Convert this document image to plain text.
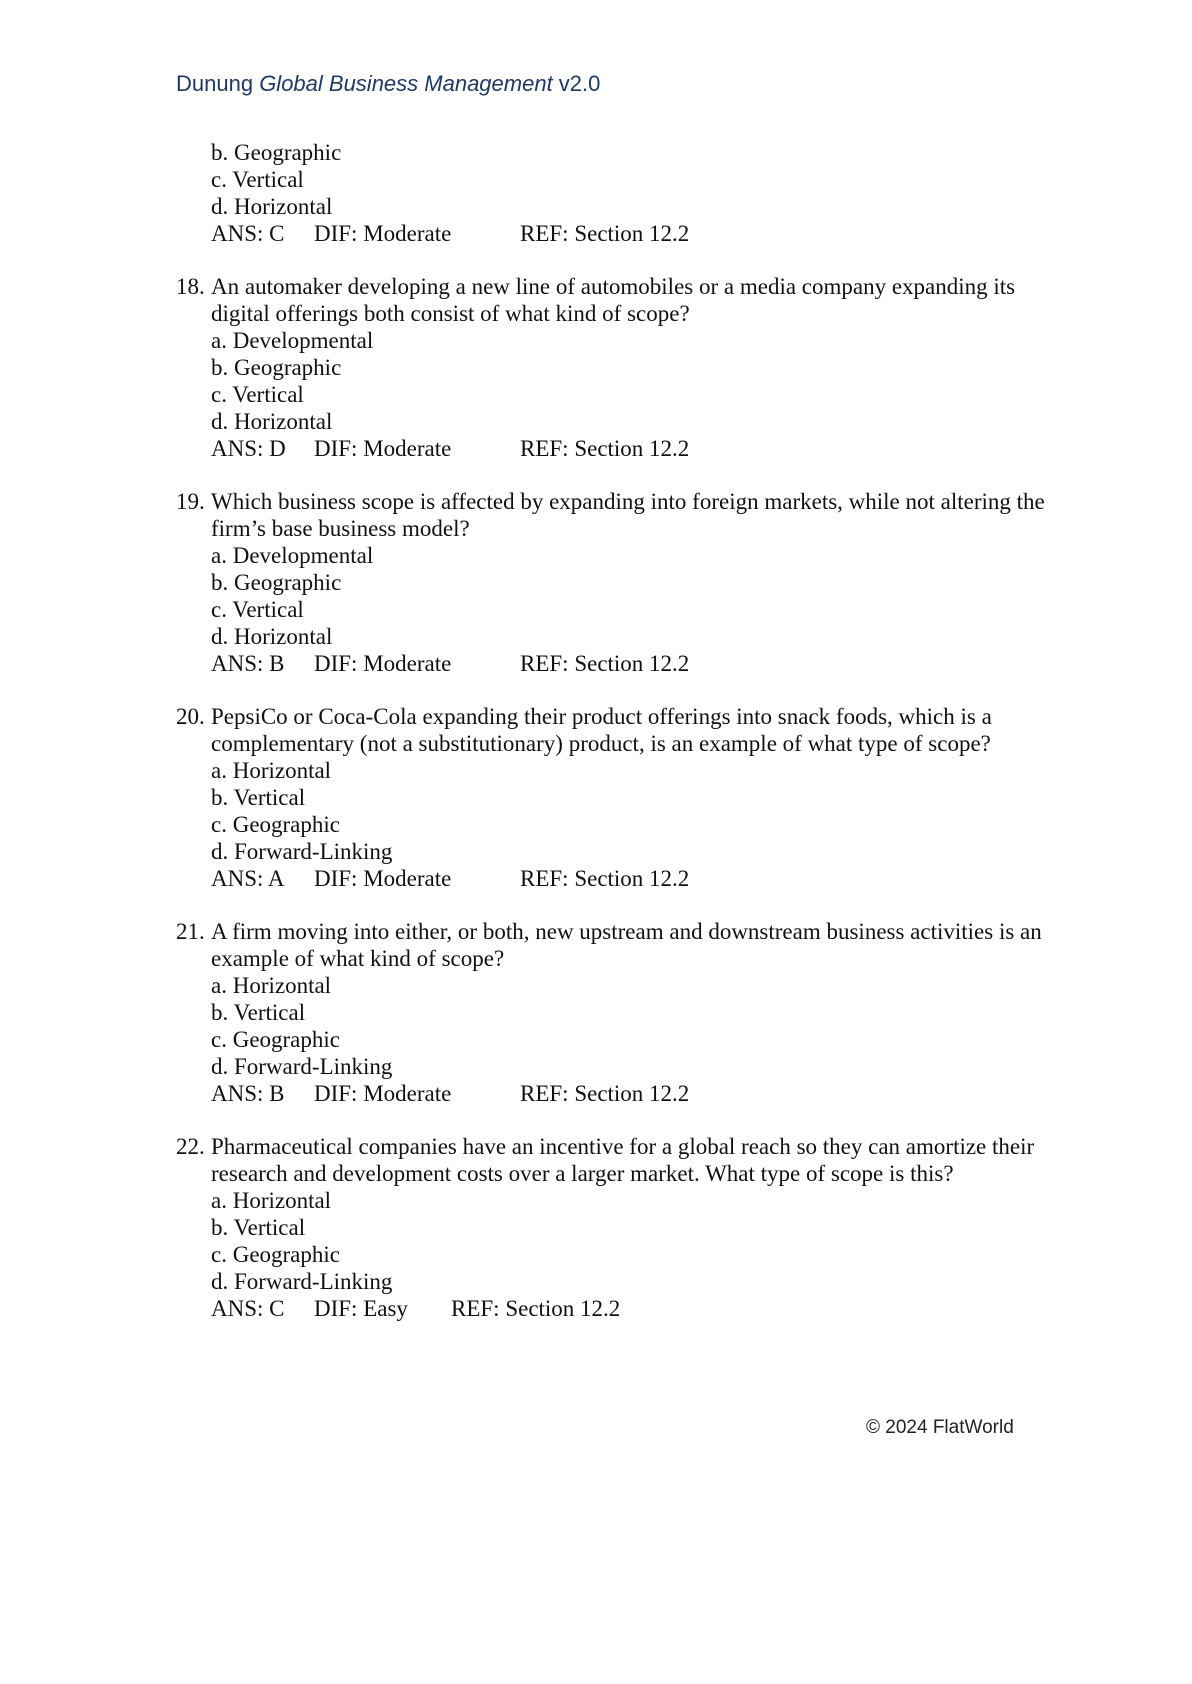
Dunung Global Business Management v2.0
b. Geographic
c. Vertical
d. Horizontal
ANS: C	DIF: Moderate	REF: Section 12.2
18. An automaker developing a new line of automobiles or a media company expanding its digital offerings both consist of what kind of scope?
a. Developmental
b. Geographic
c. Vertical
d. Horizontal
ANS: D	DIF: Moderate	REF: Section 12.2
19. Which business scope is affected by expanding into foreign markets, while not altering the firm’s base business model?
a. Developmental
b. Geographic
c. Vertical
d. Horizontal
ANS: B	DIF: Moderate	REF: Section 12.2
20. PepsiCo or Coca-Cola expanding their product offerings into snack foods, which is a complementary (not a substitutionary) product, is an example of what type of scope?
a. Horizontal
b. Vertical
c. Geographic
d. Forward-Linking
ANS: A	DIF: Moderate	REF: Section 12.2
21. A firm moving into either, or both, new upstream and downstream business activities is an example of what kind of scope?
a. Horizontal
b. Vertical
c. Geographic
d. Forward-Linking
ANS: B	DIF: Moderate	REF: Section 12.2
22. Pharmaceutical companies have an incentive for a global reach so they can amortize their research and development costs over a larger market. What type of scope is this?
a. Horizontal
b. Vertical
c. Geographic
d. Forward-Linking
ANS: C	DIF: Easy	REF: Section 12.2
© 2024 FlatWorld
